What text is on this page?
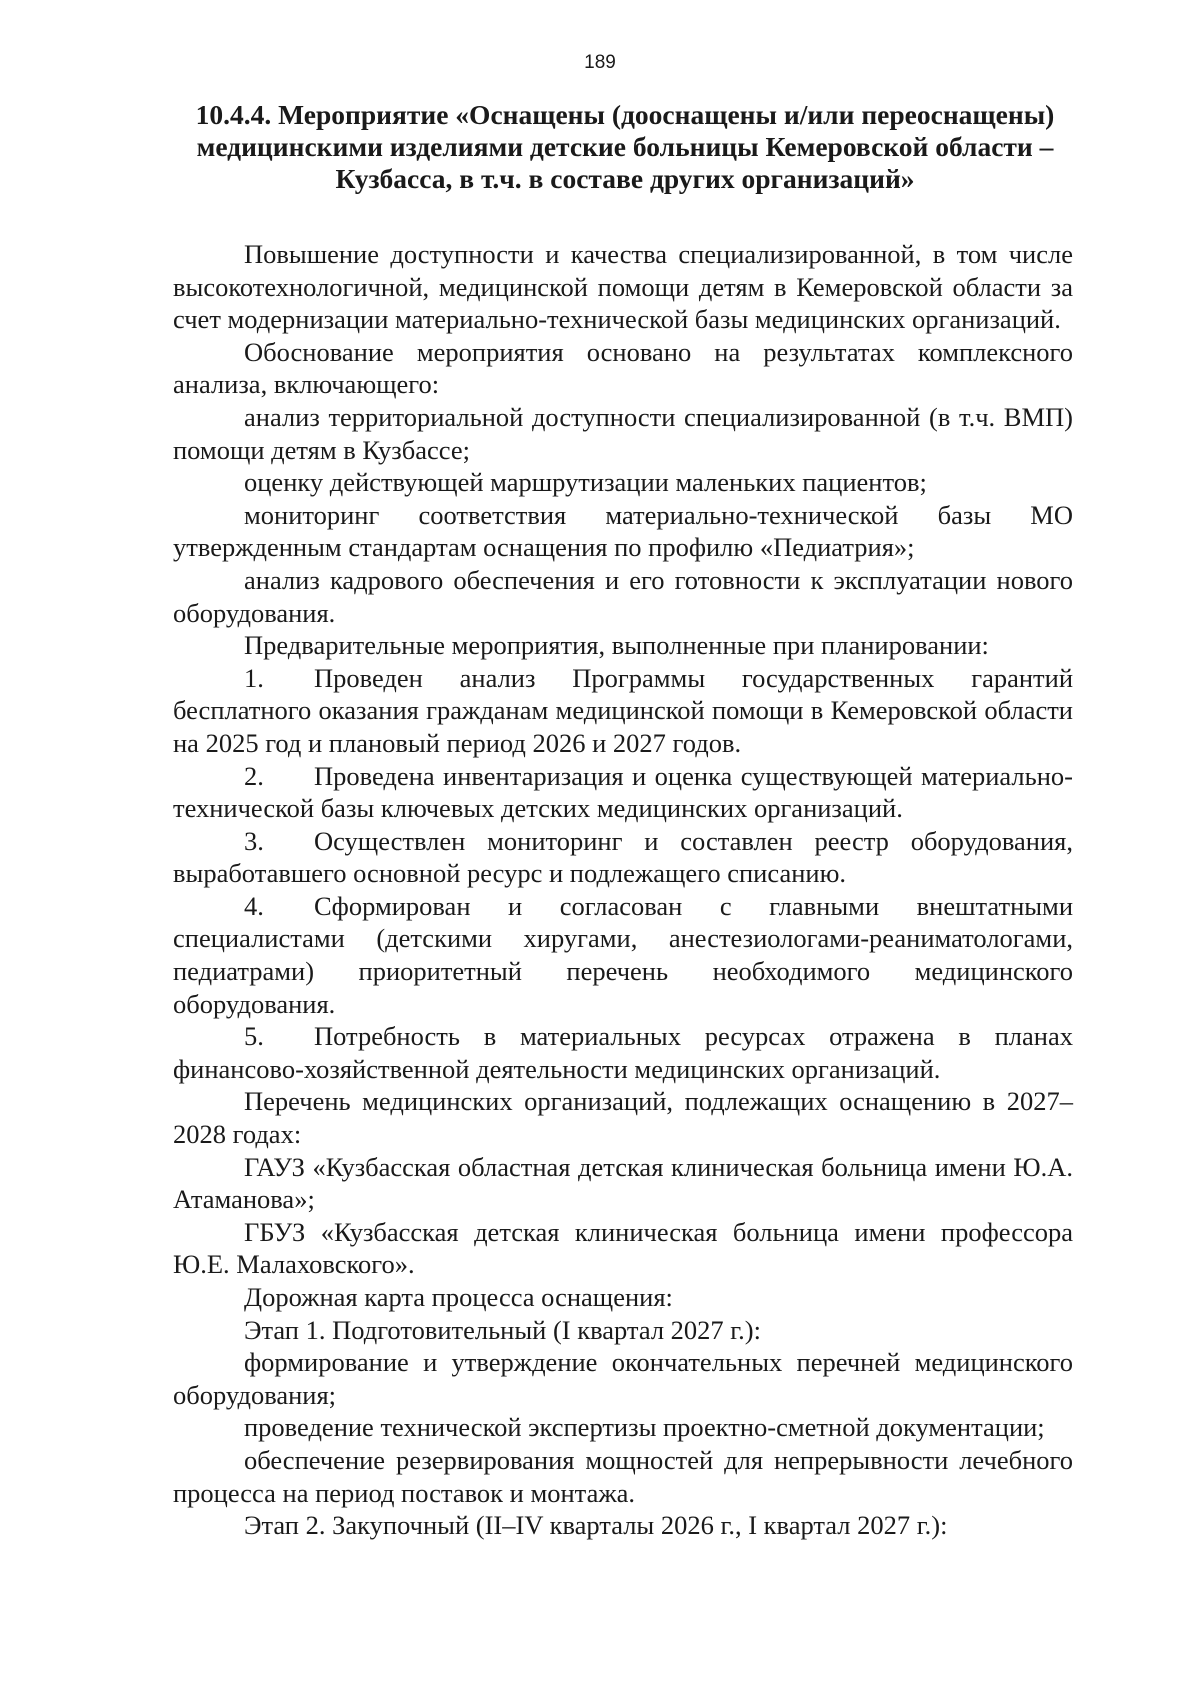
189
10.4.4. Мероприятие «Оснащены (дооснащены и/или переоснащены)
медицинскими изделиями детские больницы Кемеровской области –
Кузбасса, в т.ч. в составе других организаций»

Повышение доступности и качества специализированной, в том числе высокотехнологичной, медицинской помощи детям в Кемеровской области за счет модернизации материально-технической базы медицинских организаций.

Обоснование мероприятия основано на результатах комплексного анализа, включающего:

анализ территориальной доступности специализированной (в т.ч. ВМП) помощи детям в Кузбассе;

оценку действующей маршрутизации маленьких пациентов;

мониторинг соответствия материально-технической базы МО утвержденным стандартам оснащения по профилю «Педиатрия»;

анализ кадрового обеспечения и его готовности к эксплуатации нового оборудования.

Предварительные мероприятия, выполненные при планировании:

1. Проведен анализ Программы государственных гарантий бесплатного оказания гражданам медицинской помощи в Кемеровской области на 2025 год и плановый период 2026 и 2027 годов.

2. Проведена инвентаризация и оценка существующей материально-технической базы ключевых детских медицинских организаций.

3. Осуществлен мониторинг и составлен реестр оборудования, выработавшего основной ресурс и подлежащего списанию.

4. Сформирован и согласован с главными внештатными специалистами (детскими хиругами, анестезиологами-реаниматологами, педиатрами) приоритетный перечень необходимого медицинского оборудования.

5. Потребность в материальных ресурсах отражена в планах финансово-хозяйственной деятельности медицинских организаций.

Перечень медицинских организаций, подлежащих оснащению в 2027–2028 годах:

ГАУЗ «Кузбасская областная детская клиническая больница имени Ю.А. Атаманова»;

ГБУЗ «Кузбасская детская клиническая больница имени профессора Ю.Е. Малаховского».

Дорожная карта процесса оснащения:

Этап 1. Подготовительный (I квартал 2027 г.):

формирование и утверждение окончательных перечней медицинского оборудования;

проведение технической экспертизы проектно-сметной документации;

обеспечение резервирования мощностей для непрерывности лечебного процесса на период поставок и монтажа.

Этап 2. Закупочный (II–IV кварталы 2026 г., I квартал 2027 г.):
